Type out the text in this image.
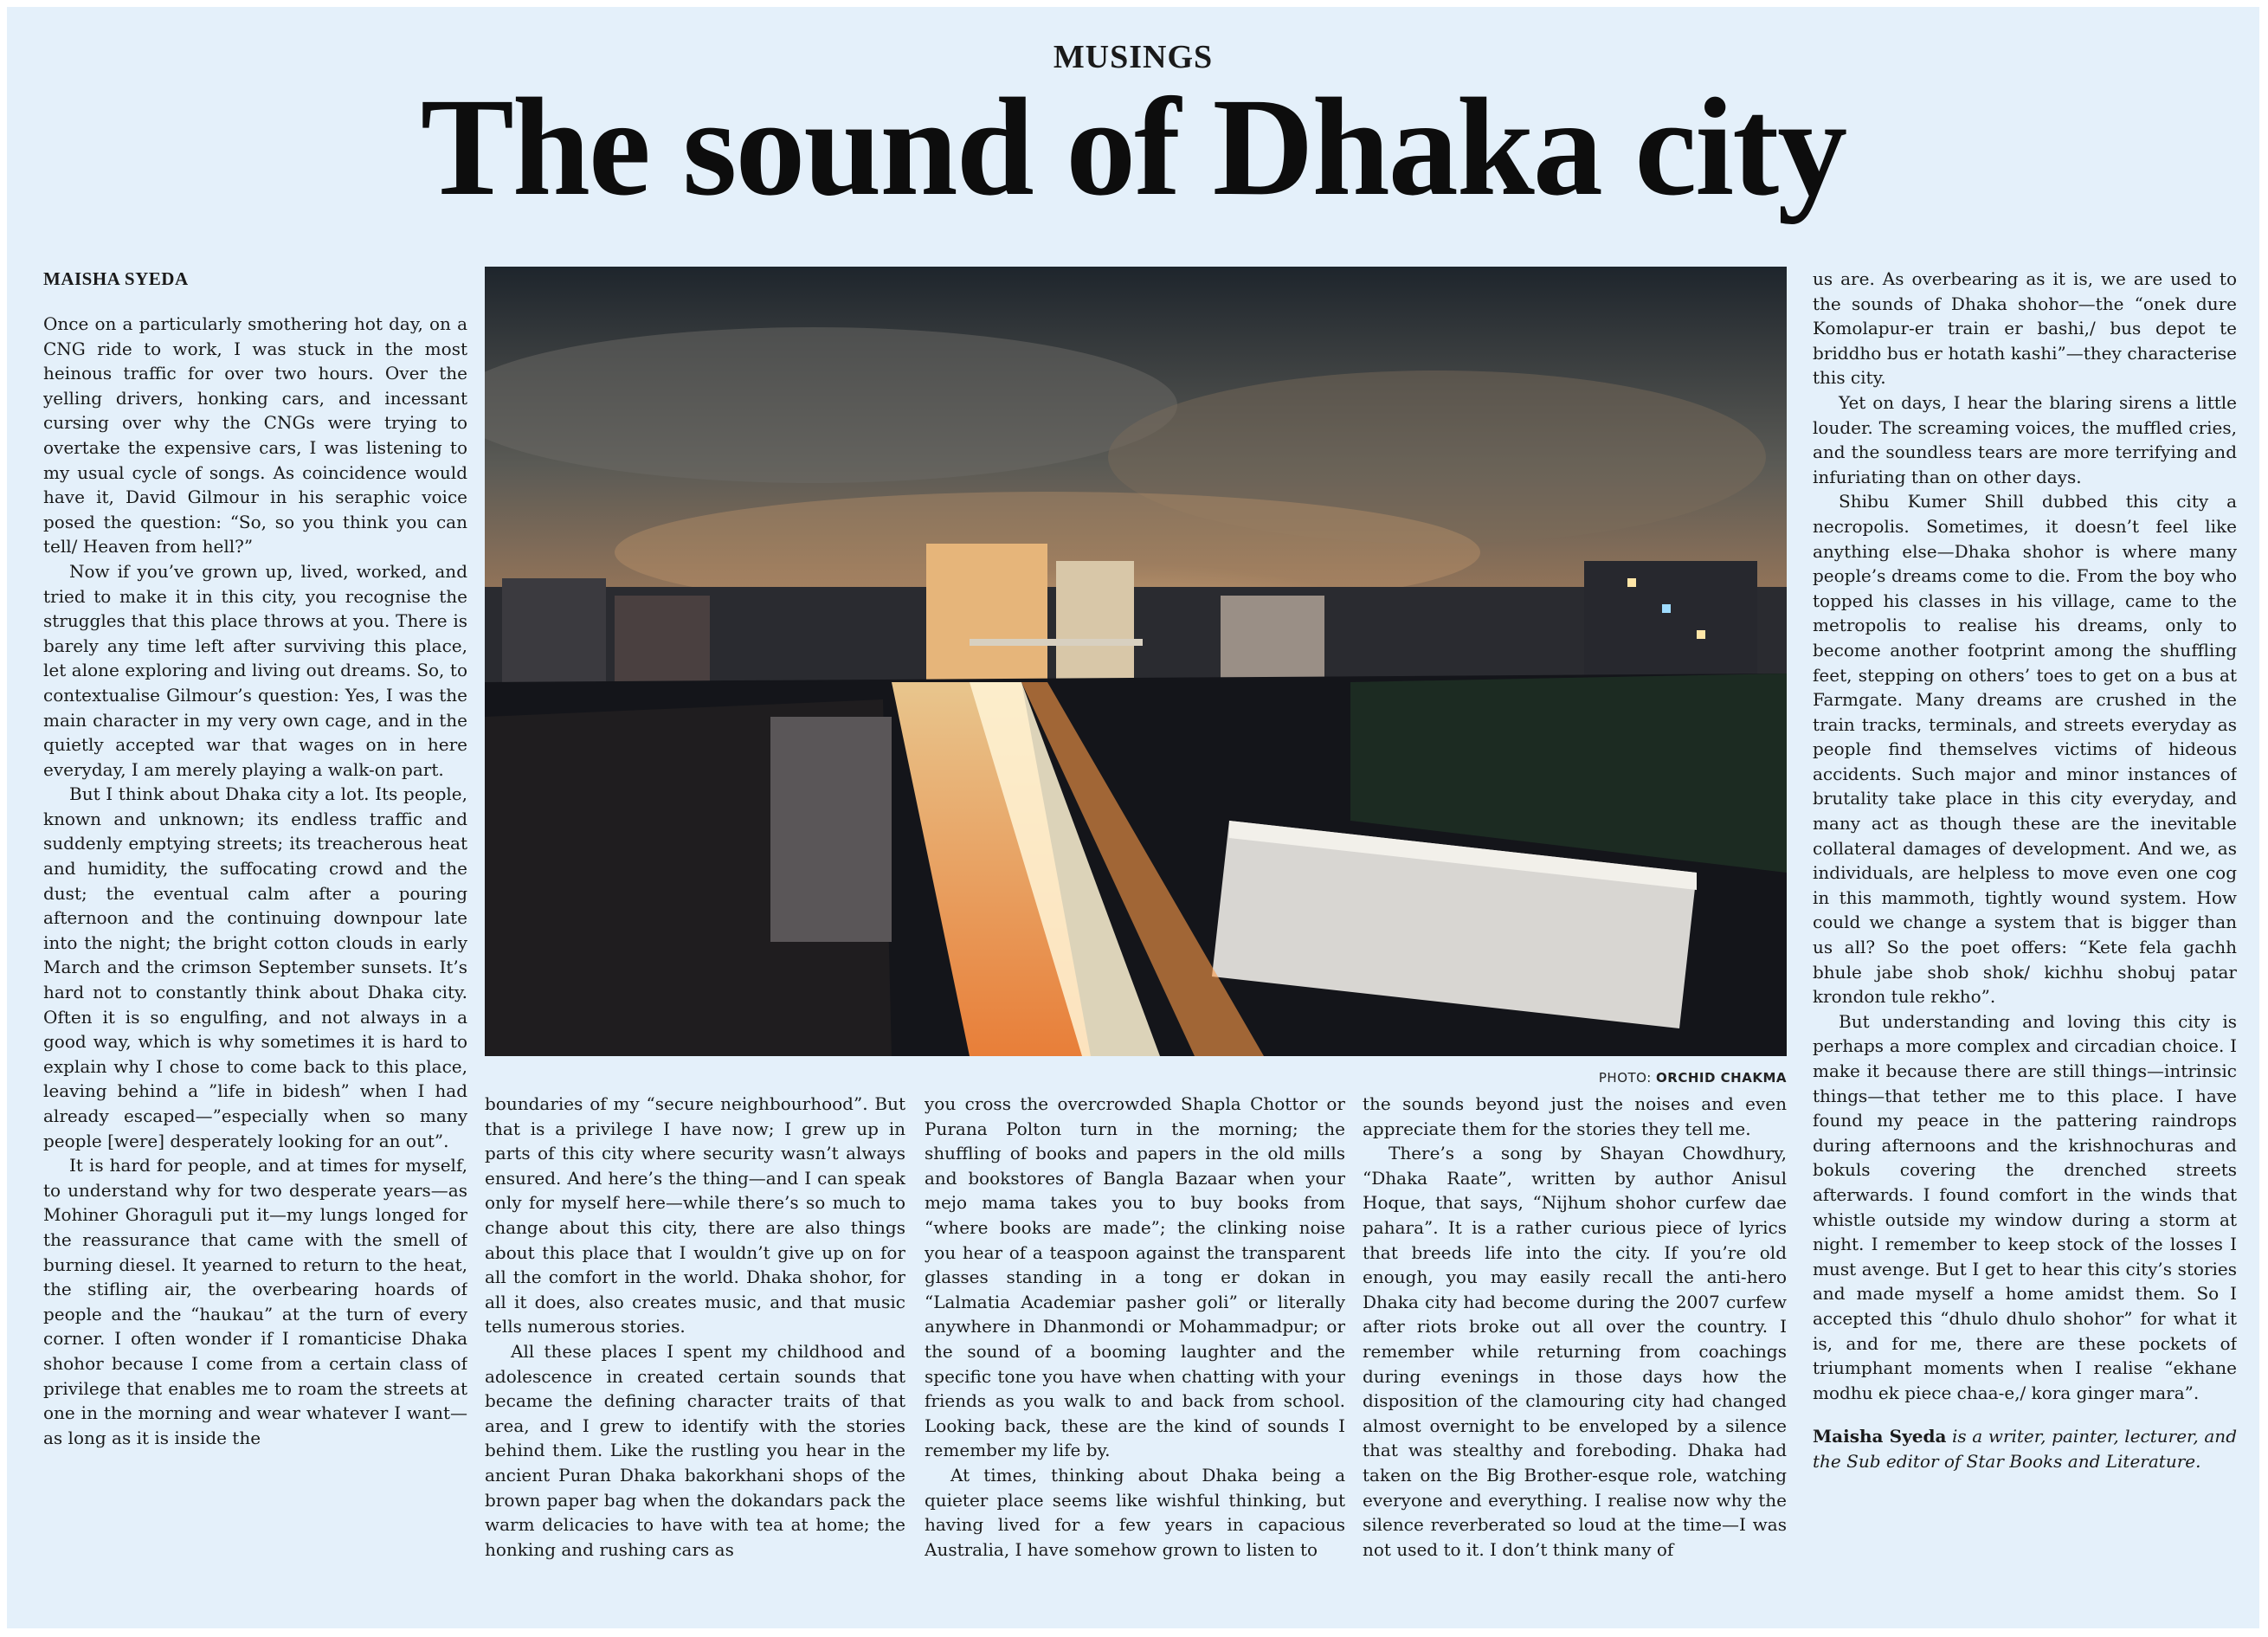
MUSINGS
The sound of Dhaka city
MAISHA SYEDA

Once on a particularly smothering hot day, on a CNG ride to work, I was stuck in the most heinous traffic for over two hours. Over the yelling drivers, honking cars, and incessant cursing over why the CNGs were trying to overtake the expensive cars, I was listening to my usual cycle of songs. As coincidence would have it, David Gilmour in his seraphic voice posed the question: “So, so you think you can tell/ Heaven from hell?”

Now if you’ve grown up, lived, worked, and tried to make it in this city, you recognise the struggles that this place throws at you. There is barely any time left after surviving this place, let alone exploring and living out dreams. So, to contextualise Gilmour’s question: Yes, I was the main character in my very own cage, and in the quietly accepted war that wages on in here everyday, I am merely playing a walk-on part.

But I think about Dhaka city a lot. Its people, known and unknown; its endless traffic and suddenly emptying streets; its treacherous heat and humidity, the suffocating crowd and the dust; the eventual calm after a pouring afternoon and the continuing downpour late into the night; the bright cotton clouds in early March and the crimson September sunsets. It’s hard not to constantly think about Dhaka city. Often it is so engulfing, and not always in a good way, which is why sometimes it is hard to explain why I chose to come back to this place, leaving behind a ”life in bidesh” when I had already escaped—”especially when so many people [were] desperately looking for an out”.

It is hard for people, and at times for myself, to understand why for two desperate years—as Mohiner Ghoraguli put it—my lungs longed for the reassurance that came with the smell of burning diesel. It yearned to return to the heat, the stifling air, the overbearing hoards of people and the “haukau” at the turn of every corner. I often wonder if I romanticise Dhaka shohor because I come from a certain class of privilege that enables me to roam the streets at one in the morning and wear whatever I want—as long as it is inside the

PHOTO: ORCHID CHAKMA

boundaries of my “secure neighbourhood”. But that is a privilege I have now; I grew up in parts of this city where security wasn’t always ensured. And here’s the thing—and I can speak only for myself here—while there’s so much to change about this city, there are also things about this place that I wouldn’t give up on for all the comfort in the world. Dhaka shohor, for all it does, also creates music, and that music tells numerous stories.

All these places I spent my childhood and adolescence in created certain sounds that became the defining character traits of that area, and I grew to identify with the stories behind them. Like the rustling you hear in the ancient Puran Dhaka bakorkhani shops of the brown paper bag when the dokandars pack the warm delicacies to have with tea at home; the honking and rushing cars as

you cross the overcrowded Shapla Chottor or Purana Polton turn in the morning; the shuffling of books and papers in the old mills and bookstores of Bangla Bazaar when your mejo mama takes you to buy books from “where books are made”; the clinking noise you hear of a teaspoon against the transparent glasses standing in a tong er dokan in “Lalmatia Academiar pasher goli” or literally anywhere in Dhanmondi or Mohammadpur; or the sound of a booming laughter and the specific tone you have when chatting with your friends as you walk to and back from school. Looking back, these are the kind of sounds I remember my life by.

At times, thinking about Dhaka being a quieter place seems like wishful thinking, but having lived for a few years in capacious Australia, I have somehow grown to listen to

the sounds beyond just the noises and even appreciate them for the stories they tell me.

There’s a song by Shayan Chowdhury, “Dhaka Raate”, written by author Anisul Hoque, that says, “Nijhum shohor curfew dae pahara”. It is a rather curious piece of lyrics that breeds life into the city. If you’re old enough, you may easily recall the anti-hero Dhaka city had become during the 2007 curfew after riots broke out all over the country. I remember while returning from coachings during evenings in those days how the disposition of the clamouring city had changed almost overnight to be enveloped by a silence that was stealthy and foreboding. Dhaka had taken on the Big Brother-esque role, watching everyone and everything. I realise now why the silence reverberated so loud at the time—I was not used to it. I don’t think many of

us are. As overbearing as it is, we are used to the sounds of Dhaka shohor—the “onek dure Komolapur-er train er bashi,/ bus depot te briddho bus er hotath kashi”—they characterise this city.

Yet on days, I hear the blaring sirens a little louder. The screaming voices, the muffled cries, and the soundless tears are more terrifying and infuriating than on other days.

Shibu Kumer Shill dubbed this city a necropolis. Sometimes, it doesn’t feel like anything else—Dhaka shohor is where many people’s dreams come to die. From the boy who topped his classes in his village, came to the metropolis to realise his dreams, only to become another footprint among the shuffling feet, stepping on others’ toes to get on a bus at Farmgate. Many dreams are crushed in the train tracks, terminals, and streets everyday as people find themselves victims of hideous accidents. Such major and minor instances of brutality take place in this city everyday, and many act as though these are the inevitable collateral damages of development. And we, as individuals, are helpless to move even one cog in this mammoth, tightly wound system. How could we change a system that is bigger than us all? So the poet offers: “Kete fela gachh bhule jabe shob shok/ kichhu shobuj patar krondon tule rekho”.

But understanding and loving this city is perhaps a more complex and circadian choice. I make it because there are still things—intrinsic things—that tether me to this place. I have found my peace in the pattering raindrops during afternoons and the krishnochuras and bokuls covering the drenched streets afterwards. I found comfort in the winds that whistle outside my window during a storm at night. I remember to keep stock of the losses I must avenge. But I get to hear this city’s stories and made myself a home amidst them. So I accepted this “dhulo dhulo shohor” for what it is, and for me, there are these pockets of triumphant moments when I realise “ekhane modhu ek piece chaa-e,/ kora ginger mara”.

Maisha Syeda is a writer, painter, lecturer, and the Sub editor of Star Books and Literature.
